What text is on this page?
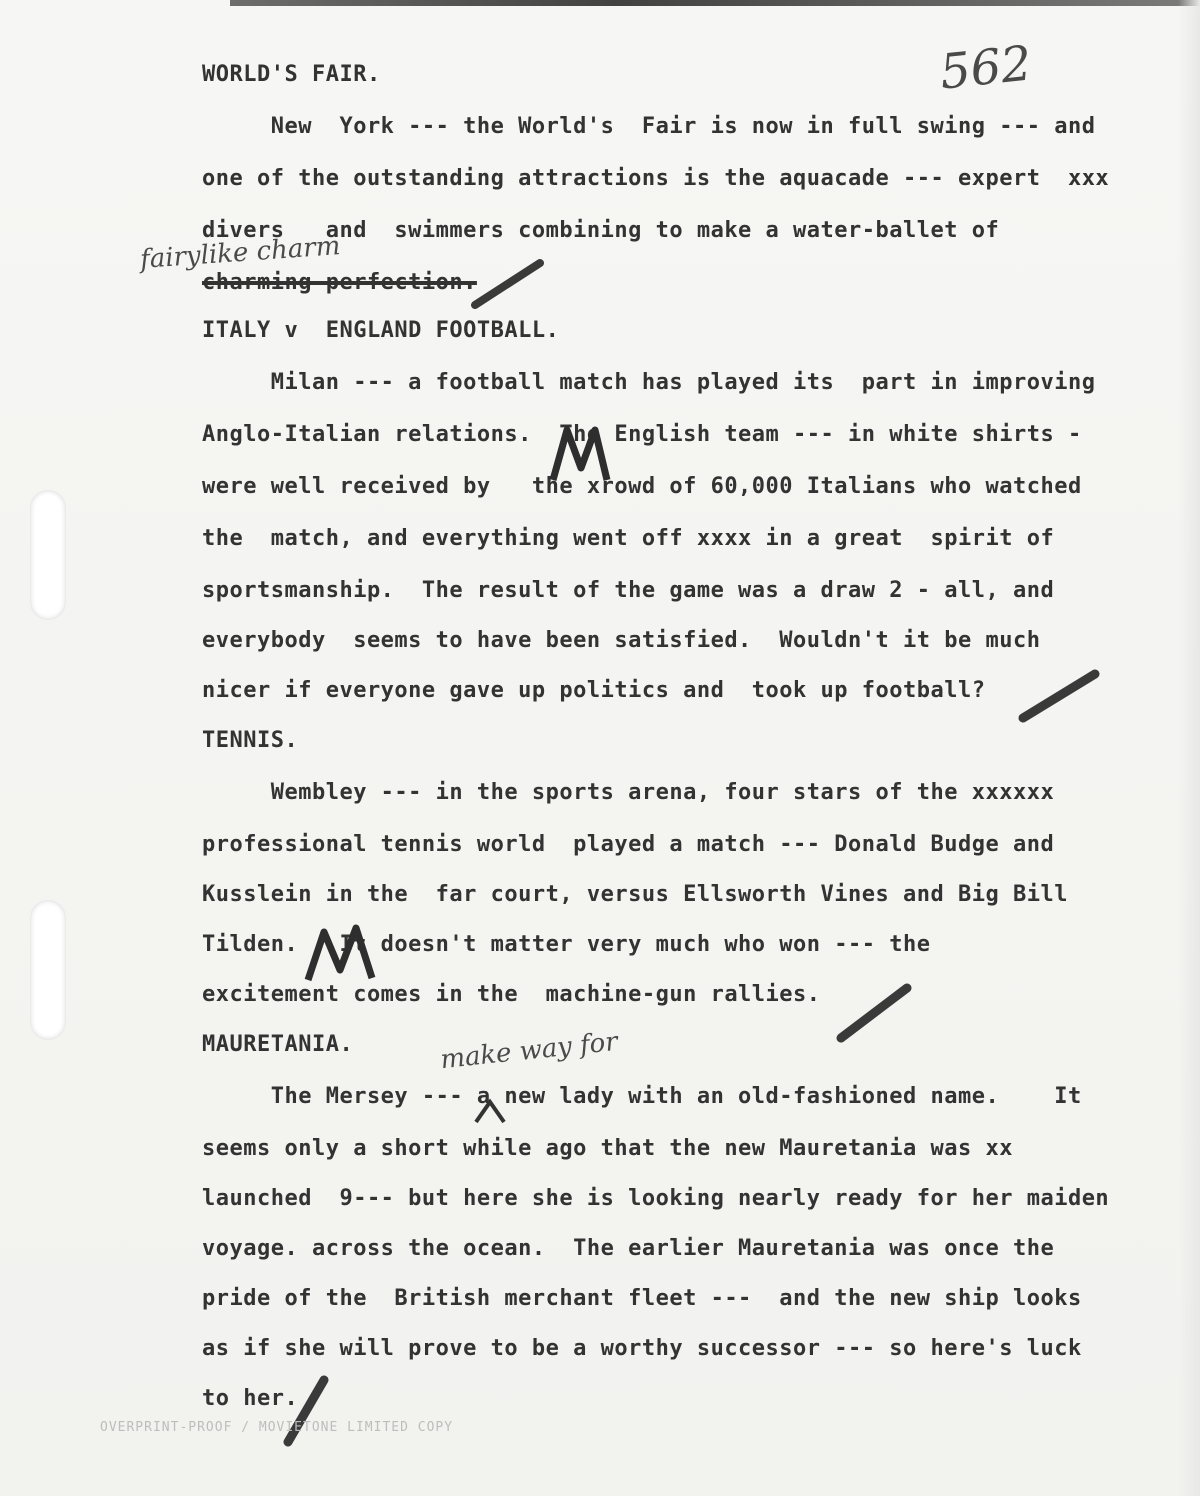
562
WORLD'S FAIR.
New  York --- the World's  Fair is now in full swing --- and
one of the outstanding attractions is the aquacade --- expert  xxx
divers   and  swimmers combining to make a water-ballet of
charming perfection.
fairylike charm
ITALY v  ENGLAND FOOTBALL.
Milan --- a football match has played its  part in improving
Anglo-Italian relations.  The English team --- in white shirts -
were well received by   the xrowd of 60,000 Italians who watched
the  match, and everything went off xxxx in a great  spirit of
sportsmanship.  The result of the game was a draw 2 - all, and
everybody  seems to have been satisfied.  Wouldn't it be much
nicer if everyone gave up politics and  took up football?
TENNIS.
Wembley --- in the sports arena, four stars of the xxxxxx
professional tennis world  played a match --- Donald Budge and
Kusslein in the  far court, versus Ellsworth Vines and Big Bill
Tilden.   It doesn't matter very much who won --- the
excitement comes in the  machine-gun rallies.
MAURETANIA.	make way for
The Mersey --- a new lady with an old-fashioned name.    It
seems only a short while ago that the new Mauretania was xx
launched  9--- but here she is looking nearly ready for her maiden
voyage. across the ocean.  The earlier Mauretania was once the
pride of the  British merchant fleet ---  and the new ship looks
as if she will prove to be a worthy successor --- so here's luck
to her.
OVERPRINT-PROOF / MOVIETONE LIMITED COPY
